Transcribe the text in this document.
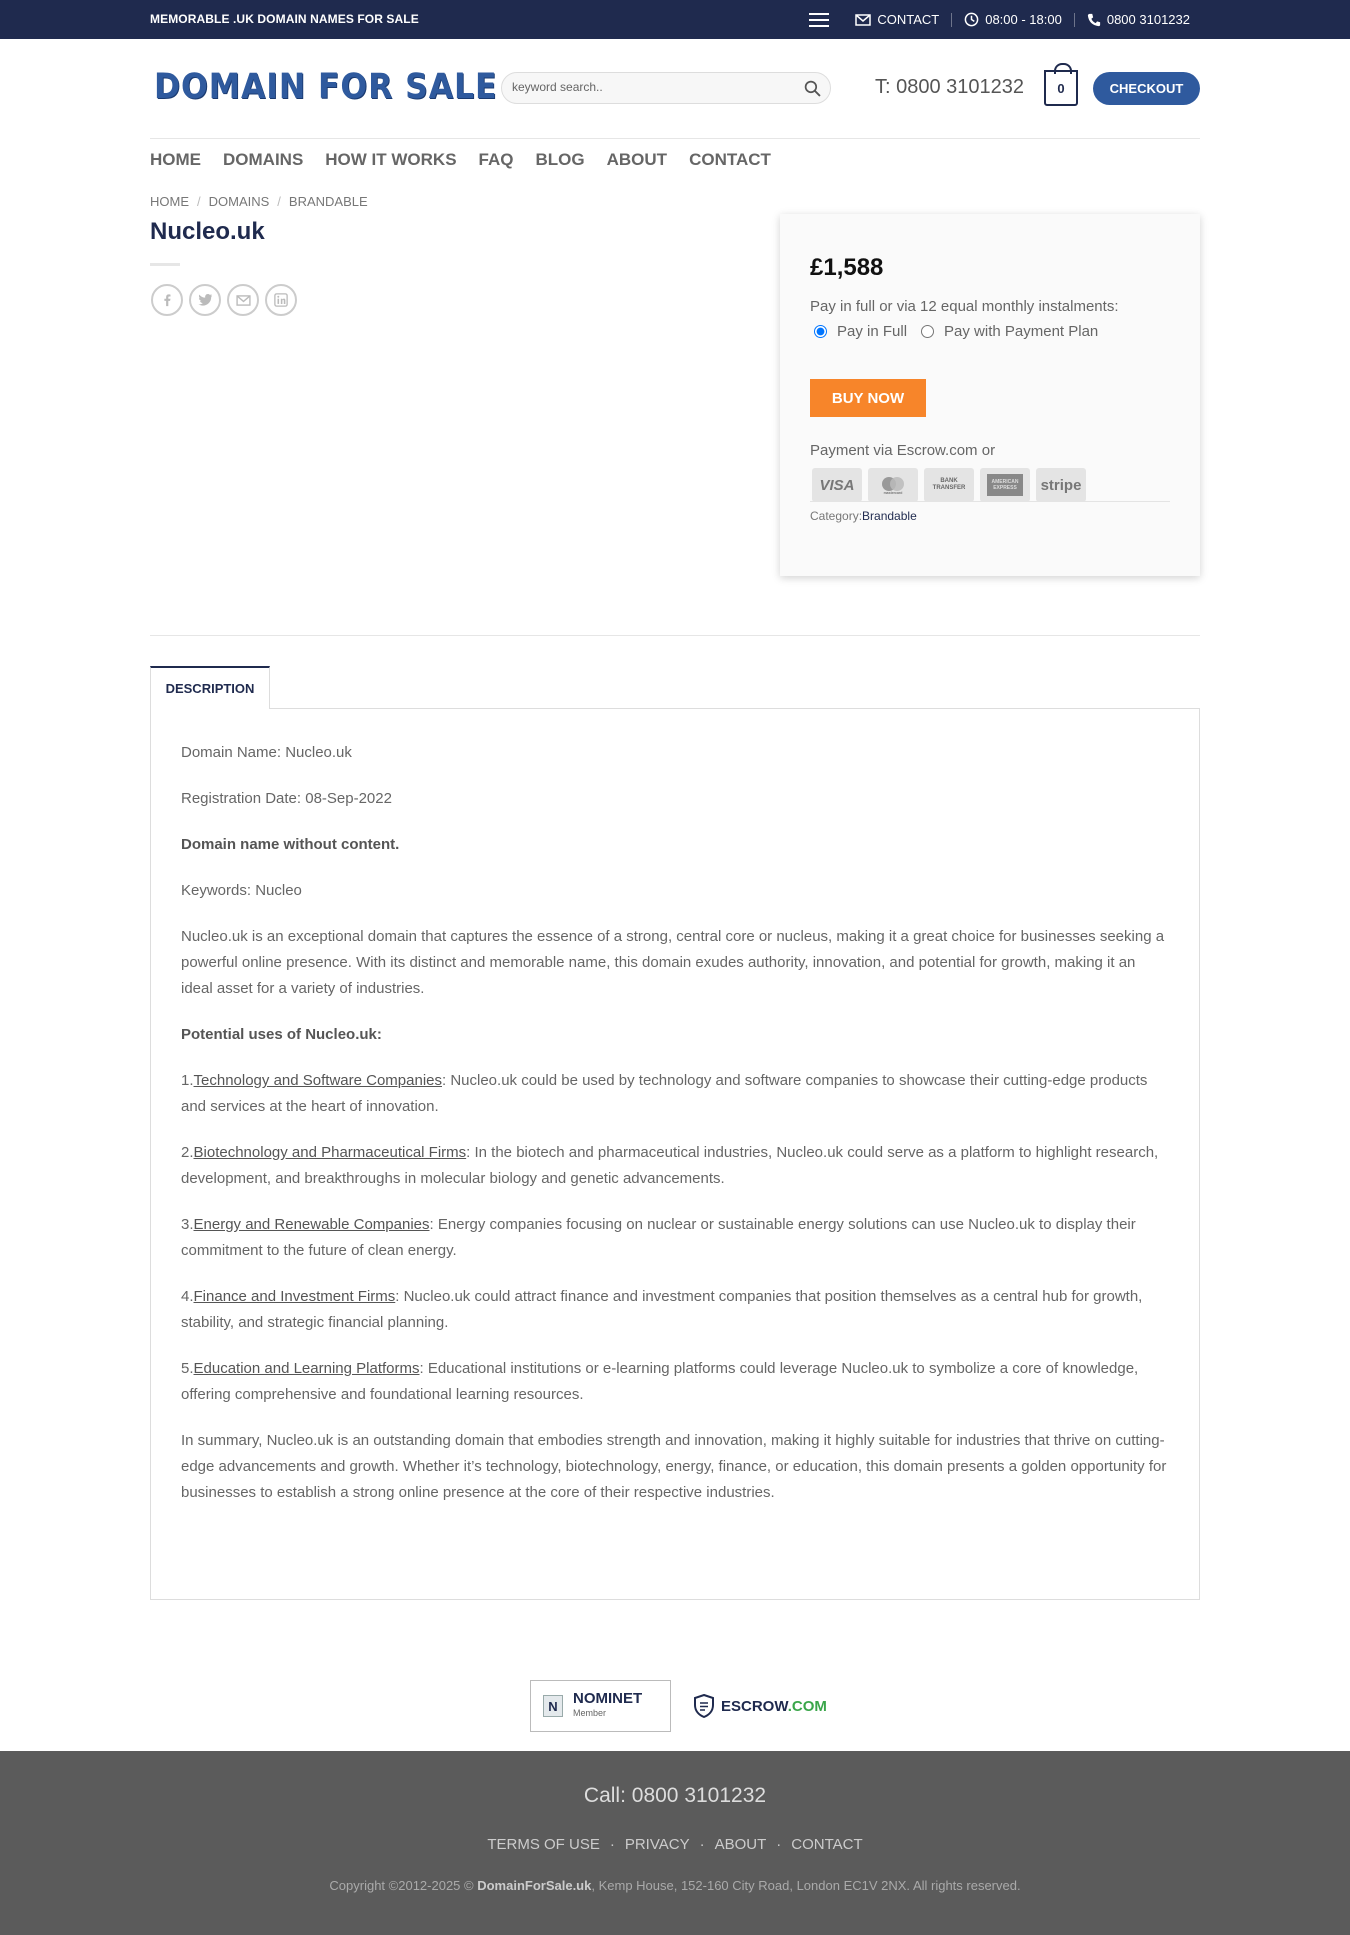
MEMORABLE .UK DOMAIN NAMES FOR SALE	CONTACT	08:00 - 18:00	0800 3101232
DOMAIN FOR SALE
keyword search..	T: 0800 3101232	0	CHECKOUT
HOME DOMAINS HOW IT WORKS FAQ BLOG ABOUT CONTACT
HOME / DOMAINS / BRANDABLE
Nucleo.uk
£1,588
Pay in full or via 12 equal monthly instalments:
Pay in Full Pay with Payment Plan
BUY NOW
Payment via Escrow.com or
VISA	mastercard
BANK TRANSFER
AMERICAN EXPRESS	stripe
Category:Brandable
DESCRIPTION

Domain Name: Nucleo.uk

Registration Date: 08-Sep-2022

Domain name without content.

Keywords: Nucleo

Nucleo.uk is an exceptional domain that captures the essence of a strong, central core or nucleus, making it a great choice for businesses seeking a powerful online presence. With its distinct and memorable name, this domain exudes authority, innovation, and potential for growth, making it an ideal asset for a variety of industries.

Potential uses of Nucleo.uk:

1.Technology and Software Companies: Nucleo.uk could be used by technology and software companies to showcase their cutting-edge products and services at the heart of innovation.

2.Biotechnology and Pharmaceutical Firms: In the biotech and pharmaceutical industries, Nucleo.uk could serve as a platform to highlight research, development, and breakthroughs in molecular biology and genetic advancements.

3.Energy and Renewable Companies: Energy companies focusing on nuclear or sustainable energy solutions can use Nucleo.uk to display their commitment to the future of clean energy.

4.Finance and Investment Firms: Nucleo.uk could attract finance and investment companies that position themselves as a central hub for growth, stability, and strategic financial planning.

5.Education and Learning Platforms: Educational institutions or e-learning platforms could leverage Nucleo.uk to symbolize a core of knowledge, offering comprehensive and foundational learning resources.

In summary, Nucleo.uk is an outstanding domain that embodies strength and innovation, making it highly suitable for industries that thrive on cutting-edge advancements and growth. Whether it’s technology, biotechnology, energy, finance, or education, this domain presents a golden opportunity for businesses to establish a strong online presence at the core of their respective industries.

N	NOMINET
Member	ESCROW.COM
Call: 0800 3101232
TERMS OF USE · PRIVACY · ABOUT · CONTACT
Copyright ©2012-2025 © DomainForSale.uk, Kemp House, 152-160 City Road, London EC1V 2NX. All rights reserved.
